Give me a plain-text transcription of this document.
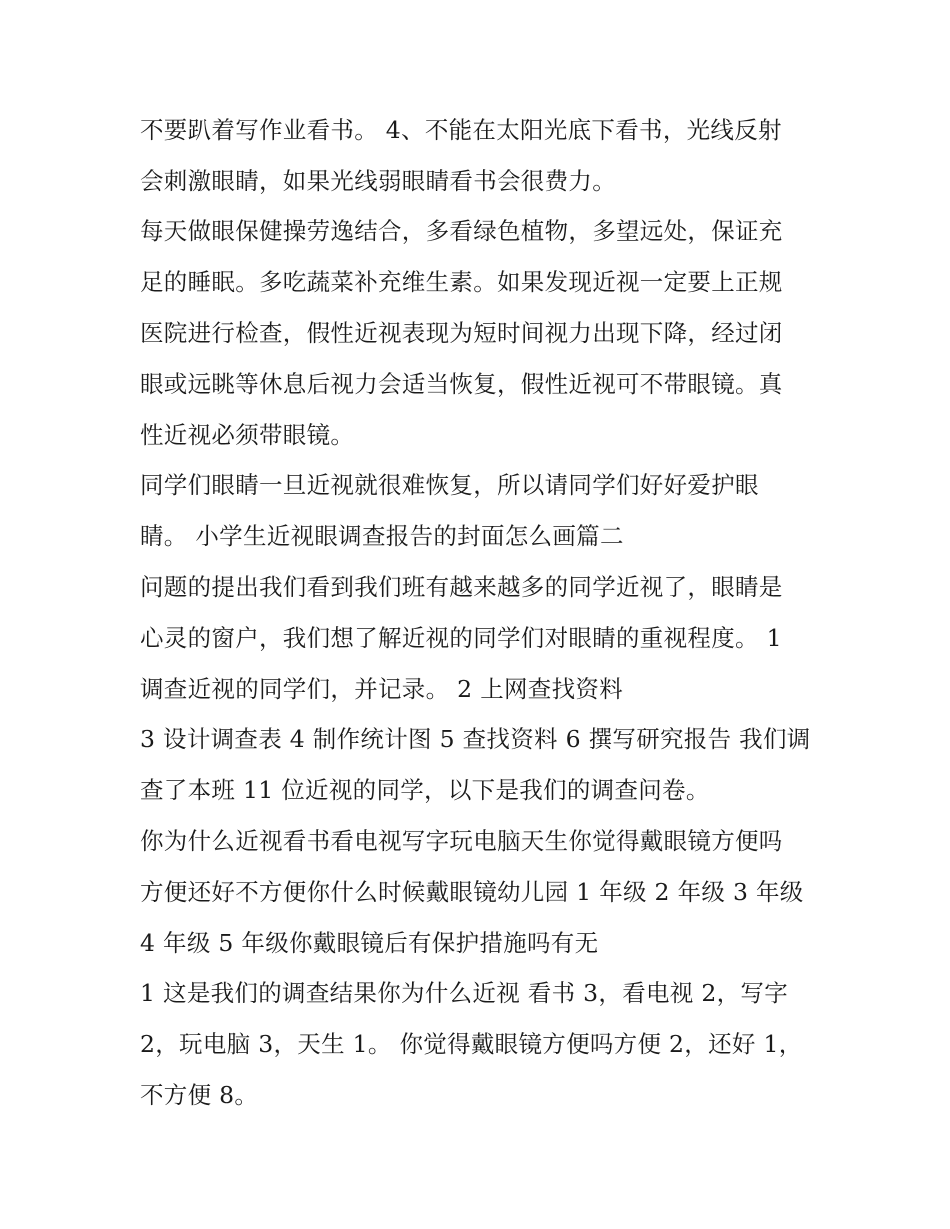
不要趴着写作业看书。 4、不能在太阳光底下看书，光线反射
会刺激眼睛，如果光线弱眼睛看书会很费力。
每天做眼保健操劳逸结合，多看绿色植物，多望远处，保证充
足的睡眠。多吃蔬菜补充维生素。如果发现近视一定要上正规
医院进行检查，假性近视表现为短时间视力出现下降，经过闭
眼或远眺等休息后视力会适当恢复，假性近视可不带眼镜。真
性近视必须带眼镜。
同学们眼睛一旦近视就很难恢复，所以请同学们好好爱护眼
睛。 小学生近视眼调查报告的封面怎么画篇二
问题的提出我们看到我们班有越来越多的同学近视了，眼睛是
心灵的窗户，我们想了解近视的同学们对眼睛的重视程度。 1
调查近视的同学们，并记录。 2 上网查找资料
3 设计调查表 4 制作统计图 5 查找资料 6 撰写研究报告 我们调
查了本班 11 位近视的同学，以下是我们的调查问卷。
你为什么近视看书看电视写字玩电脑天生你觉得戴眼镜方便吗
方便还好不方便你什么时候戴眼镜幼儿园 1 年级 2 年级 3 年级
4 年级 5 年级你戴眼镜后有保护措施吗有无
1 这是我们的调查结果你为什么近视 看书 3，看电视 2，写字
2，玩电脑 3，天生 1。 你觉得戴眼镜方便吗方便 2，还好 1，
不方便 8。
